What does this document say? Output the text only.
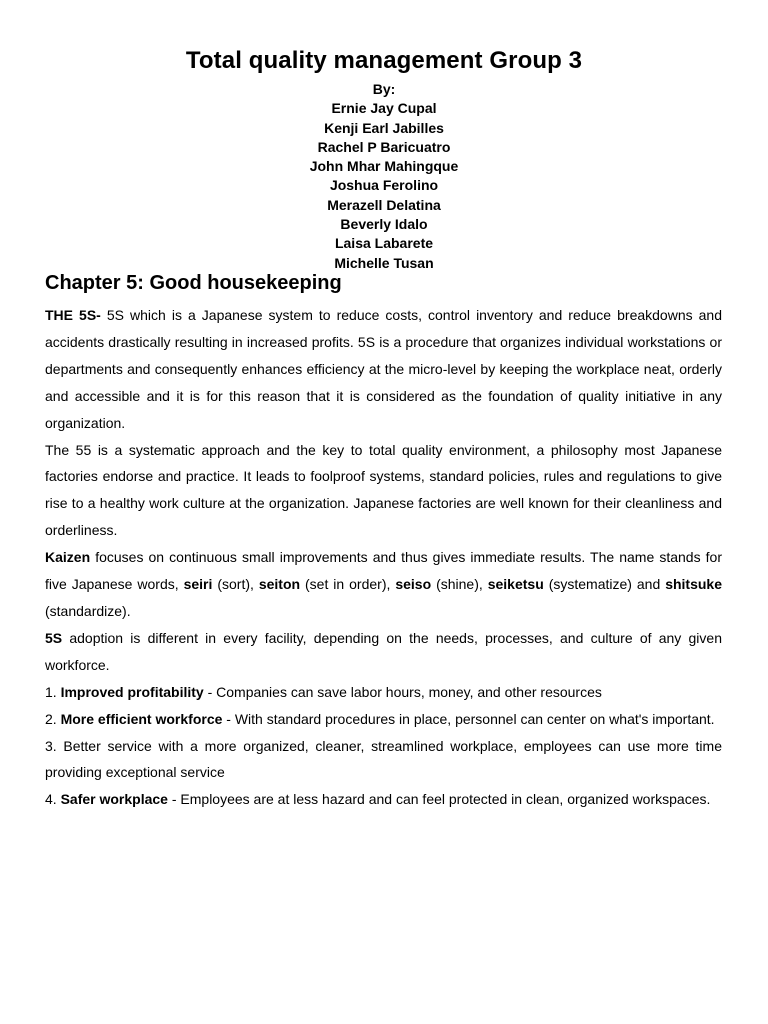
Total quality management Group 3

By:

Ernie Jay Cupal

Kenji Earl Jabilles

Rachel P Baricuatro

John Mhar Mahingque

Joshua Ferolino

Merazell Delatina

Beverly Idalo

Laisa Labarete

Michelle Tusan

Chapter 5: Good housekeeping

THE 5S- 5S which is a Japanese system to reduce costs, control inventory and reduce breakdowns and accidents drastically resulting in increased profits. 5S is a procedure that organizes individual workstations or departments and consequently enhances efficiency at the micro-level by keeping the workplace neat, orderly and accessible and it is for this reason that it is considered as the foundation of quality initiative in any organization.

The 55 is a systematic approach and the key to total quality environment, a philosophy most Japanese factories endorse and practice. It leads to foolproof systems, standard policies, rules and regulations to give rise to a healthy work culture at the organization. Japanese factories are well known for their cleanliness and orderliness.

Kaizen focuses on continuous small improvements and thus gives immediate results. The name stands for five Japanese words, seiri (sort), seiton (set in order), seiso (shine), seiketsu (systematize) and shitsuke (standardize).

5S adoption is different in every facility, depending on the needs, processes, and culture of any given workforce.

1. Improved profitability - Companies can save labor hours, money, and other resources

2. More efficient workforce - With standard procedures in place, personnel can center on what's important.

3. Better service with a more organized, cleaner, streamlined workplace, employees can use more time providing exceptional service

4. Safer workplace - Employees are at less hazard and can feel protected in clean, organized workspaces.
